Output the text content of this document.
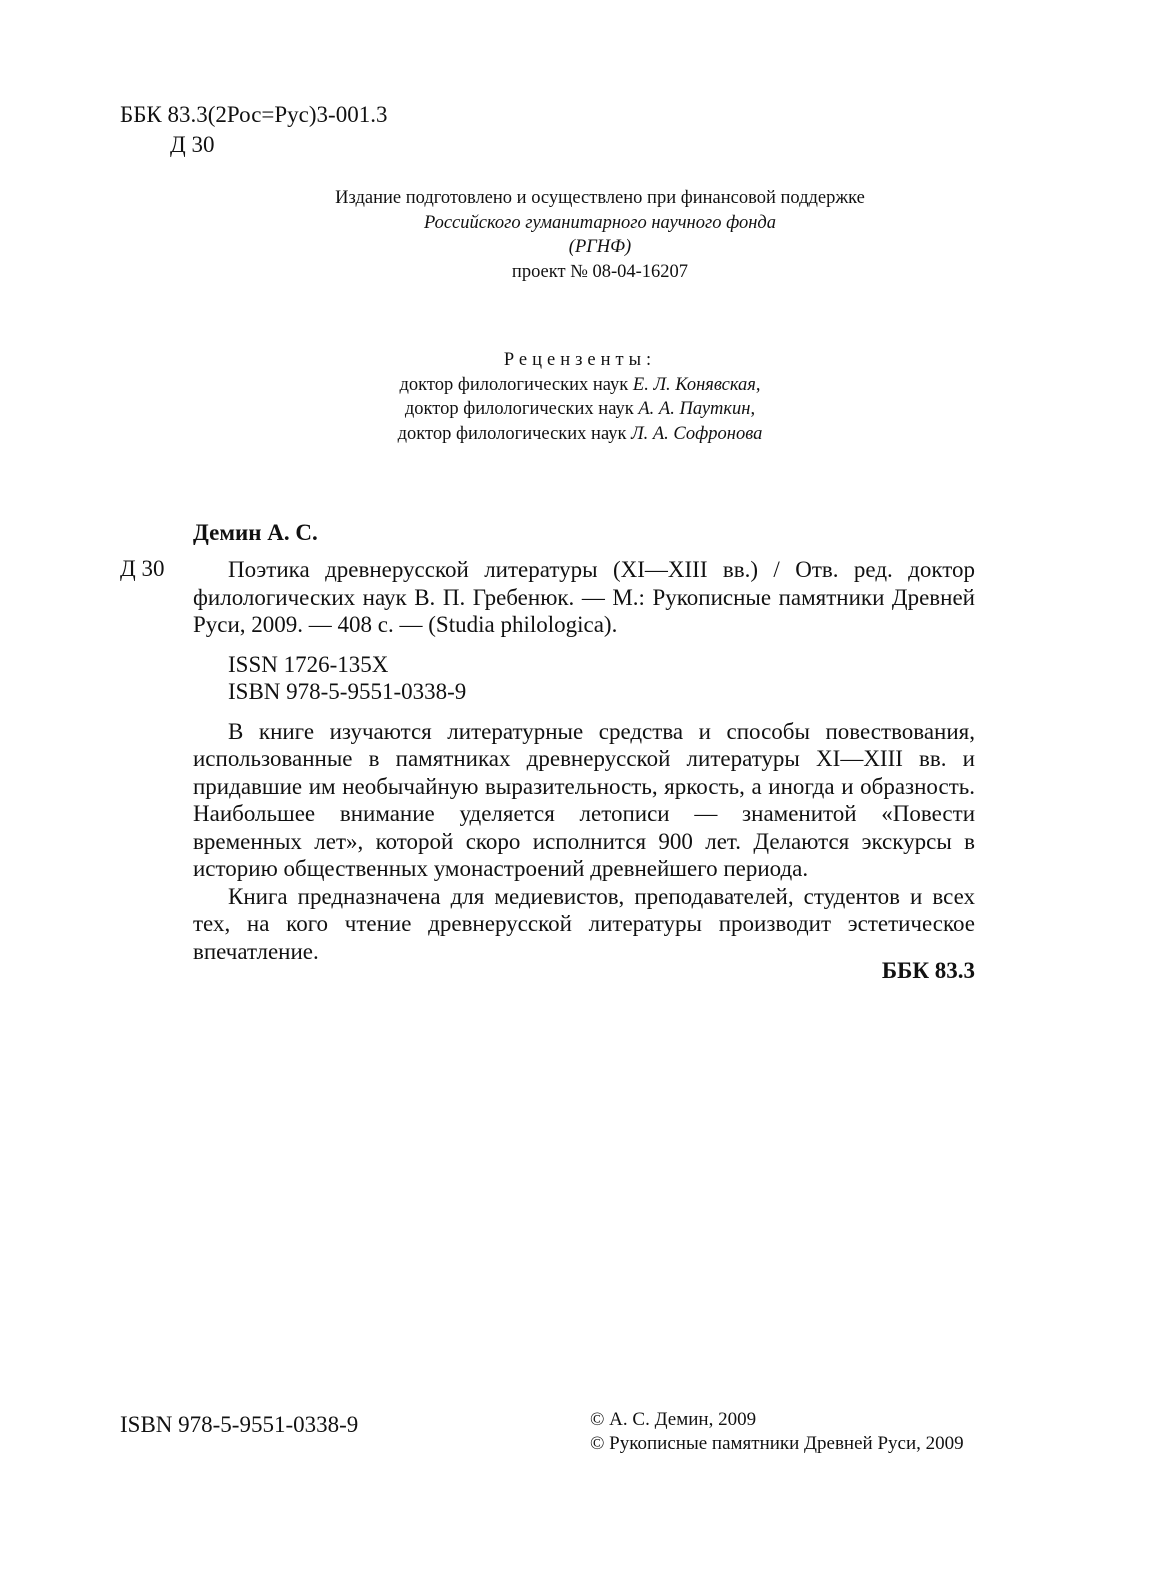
ББК 83.3(2Рос=Рус)3-001.3
Д 30
Издание подготовлено и осуществлено при финансовой поддержке
Российского гуманитарного научного фонда
(РГНФ)
проект № 08-04-16207
Рецензенты:
доктор филологических наук Е. Л. Конявская,
доктор филологических наук А. А. Пауткин,
доктор филологических наук Л. А. Софронова
Демин А. С.
Д 30	Поэтика древнерусской литературы (XI—XIII вв.) / Отв. ред. доктор филологических наук В. П. Гребенюк. — М.: Рукописные памятники Древней Руси, 2009. — 408 с. — (Studia philologica).

ISSN 1726-135X
ISBN 978-5-9551-0338-9

В книге изучаются литературные средства и способы повествования, использованные в памятниках древнерусской литературы XI—XIII вв. и придавшие им необычайную выразительность, яркость, а иногда и образность. Наибольшее внимание уделяется летописи — знаменитой «Повести временных лет», которой скоро исполнится 900 лет. Делаются экскурсы в историю общественных умонастроений древнейшего периода.

Книга предназначена для медиевистов, преподавателей, студентов и всех тех, на кого чтение древнерусской литературы производит эстетическое впечатление.

ББК 83.3
ISBN 978-5-9551-0338-9	© А. С. Демин, 2009
© Рукописные памятники Древней Руси, 2009
